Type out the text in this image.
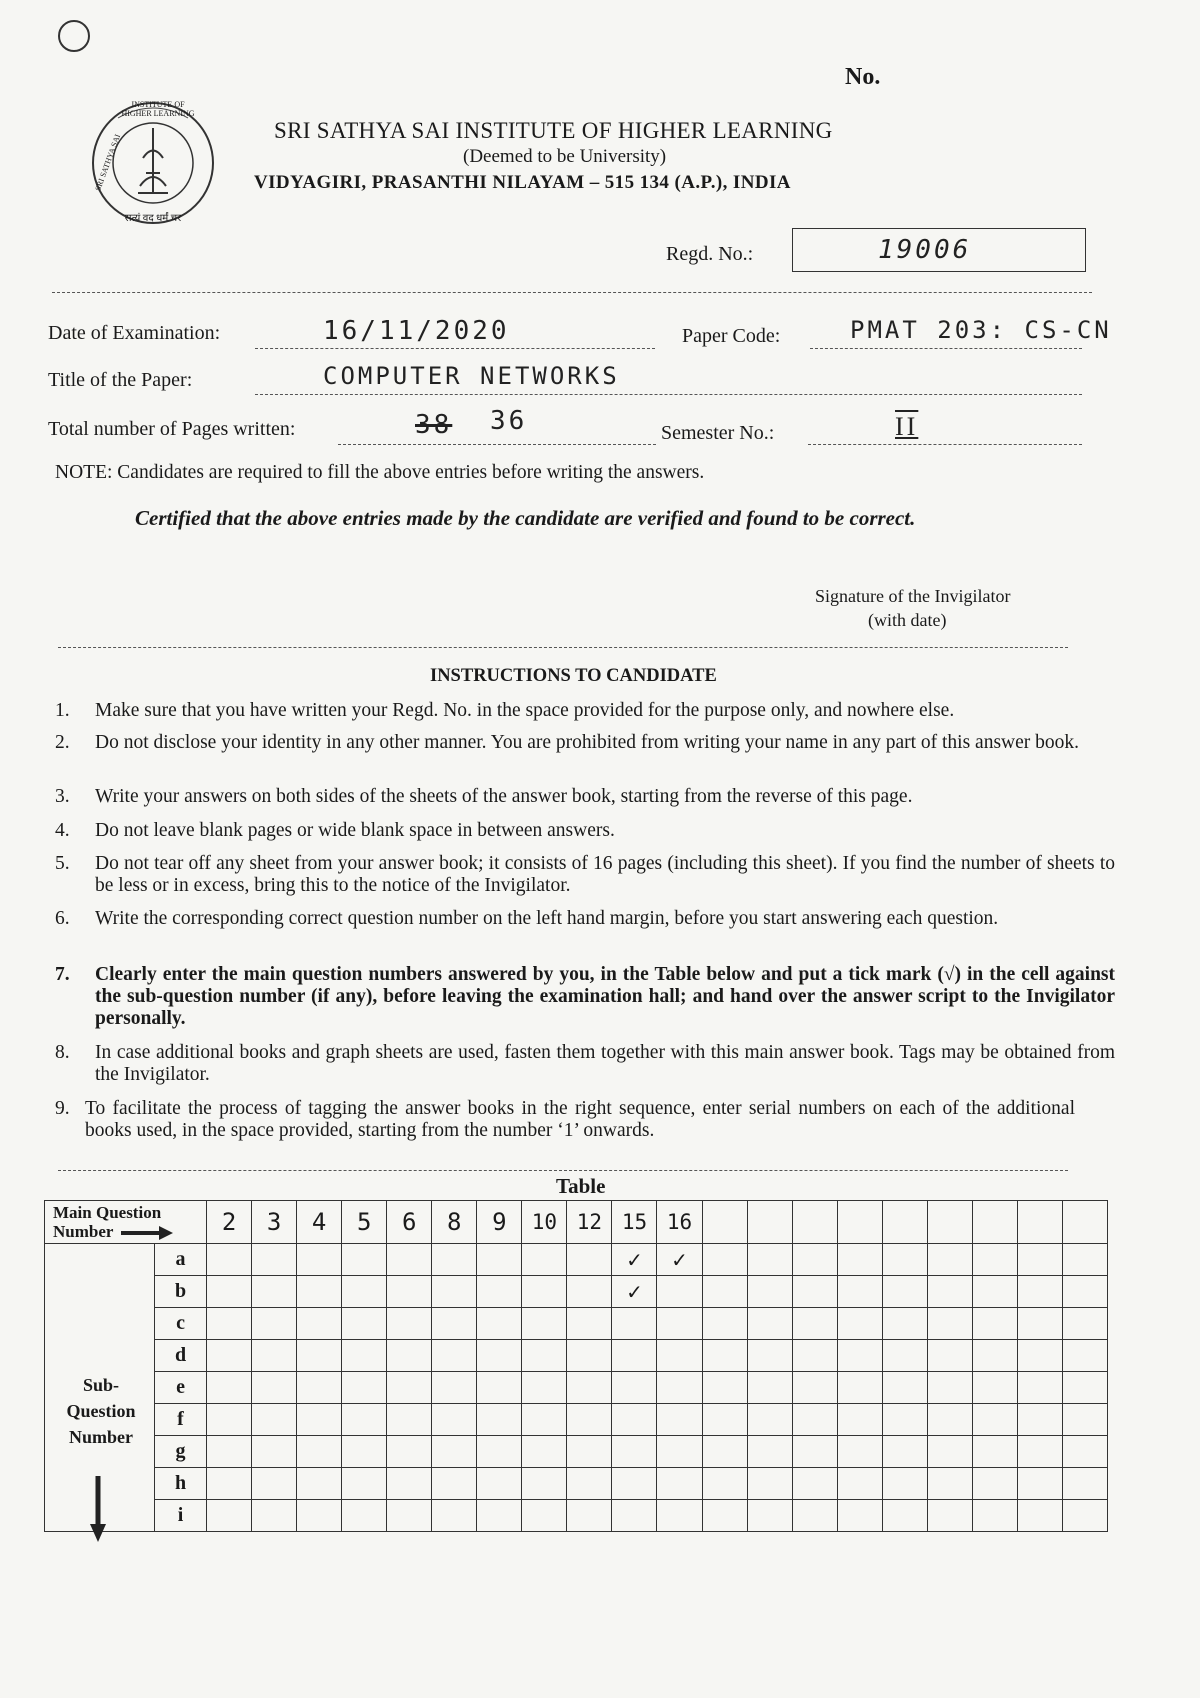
No.
INSTITUTE OF HIGHER LEARNING
SRI SATHYA SAI
सत्यं वद धर्मं चर
SRI SATHYA SAI INSTITUTE OF HIGHER LEARNING
(Deemed to be University)
VIDYAGIRI, PRASANTHI NILAYAM – 515 134 (A.P.), INDIA
Regd. No.:	19006
Date of Examination:	16/11/2020	Paper Code:	PMAT 203: CS-CN
Title of the Paper:	COMPUTER NETWORKS
Total number of Pages written:	38 36	Semester No.:	II
NOTE: Candidates are required to fill the above entries before writing the answers.
Certified that the above entries made by the candidate are verified and found to be correct.
Signature of the Invigilator
(with date)
INSTRUCTIONS TO CANDIDATE
1.	Make sure that you have written your Regd. No. in the space provided for the purpose only, and nowhere else.
2.	Do not disclose your identity in any other manner. You are prohibited from writing your name in any part of this answer book.
3.	Write your answers on both sides of the sheets of the answer book, starting from the reverse of this page.
4.	Do not leave blank pages or wide blank space in between answers.
5.	Do not tear off any sheet from your answer book; it consists of 16 pages (including this sheet). If you find the number of sheets to be less or in excess, bring this to the notice of the Invigilator.
6.	Write the corresponding correct question number on the left hand margin, before you start answering each question.
7.	Clearly enter the main question numbers answered by you, in the Table below and put a tick mark (√) in the cell against the sub-question number (if any), before leaving the examination hall; and hand over the answer script to the Invigilator personally.
8.	In case additional books and graph sheets are used, fasten them together with this main answer book. Tags may be obtained from the Invigilator.
9. To facilitate the process of tagging the answer books in the right sequence, enter serial numbers on each of the additional books used, in the space provided, starting from the number ‘1’ onwards.
Table
Main Question
Number		2	3	4	5	6	8	9	10	12	15	16									
	a										✓	✓									
	b										✓										
	c																				
	d																				
	e																				
	f																				
	g																				
	h																				
	i																				
Sub-
Question
Number
